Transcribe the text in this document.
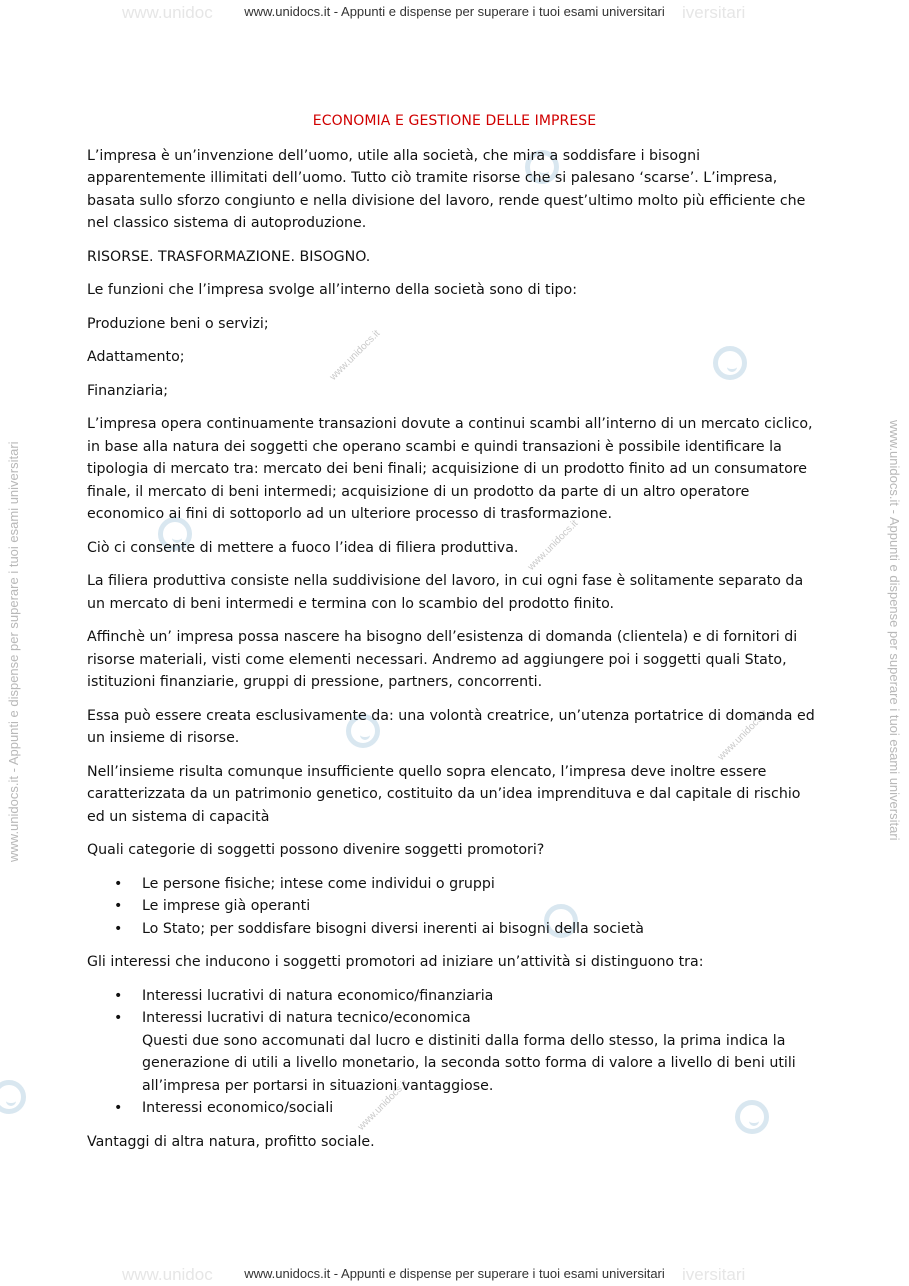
www.unidoc	iversitari
www.unidocs.it - Appunti e dispense per superare i tuoi esami universitari
www.unidoc	iversitari
www.unidocs.it - Appunti e dispense per superare i tuoi esami universitari
www.unidocs.it - Appunti e dispense per superare i tuoi esami universitari	www.unidocs.it - Appunti e dispense per superare i tuoi esami universitari
www.unidocs.it
www.unidocs.it
www.unidocs.it
www.unidocs.it
ECONOMIA E GESTIONE DELLE IMPRESE

L’impresa è un’invenzione dell’uomo, utile alla società, che mira a soddisfare i bisogni apparentemente illimitati dell’uomo. Tutto ciò tramite risorse che si palesano ‘scarse’. L’impresa, basata sullo sforzo congiunto e nella divisione del lavoro, rende quest’ultimo molto più efficiente che nel classico sistema di autoproduzione.

RISORSE. TRASFORMAZIONE. BISOGNO.

Le funzioni che l’impresa svolge all’interno della società sono di tipo:

Produzione beni o servizi;

Adattamento;

Finanziaria;

L’impresa opera continuamente transazioni dovute a continui scambi all’interno di un mercato ciclico, in base alla natura dei soggetti che operano scambi e quindi transazioni è possibile identificare la tipologia di mercato tra: mercato dei beni finali; acquisizione di un prodotto finito ad un consumatore finale, il mercato di beni intermedi; acquisizione di un prodotto da parte di un altro operatore economico ai fini di sottoporlo ad un ulteriore processo di trasformazione.

Ciò ci consente di mettere a fuoco l’idea di filiera produttiva.

La filiera produttiva consiste nella suddivisione del lavoro, in cui ogni fase è solitamente separato da un mercato di beni intermedi e termina con lo scambio del prodotto finito.

Affinchè un’ impresa possa nascere ha bisogno dell’esistenza di domanda (clientela) e di fornitori di risorse materiali, visti come elementi necessari. Andremo ad aggiungere poi i soggetti quali Stato, istituzioni finanziarie, gruppi di pressione, partners, concorrenti.

Essa può essere creata esclusivamente da: una volontà creatrice, un’utenza portatrice di domanda ed un insieme di risorse.

Nell’insieme risulta comunque insufficiente quello sopra elencato, l’impresa deve inoltre essere caratterizzata da un patrimonio genetico, costituito da un’idea imprendituva e dal capitale di rischio ed un sistema di capacità

Quali categorie di soggetti possono divenire soggetti promotori?

• Le persone fisiche; intese come individui o gruppi
• Le imprese già operanti
• Lo Stato; per soddisfare bisogni diversi inerenti ai bisogni della società

Gli interessi che inducono i soggetti promotori ad iniziare un’attività si distinguono tra:

• Interessi lucrativi di natura economico/finanziaria
• Interessi lucrativi di natura tecnico/economica
Questi due sono accomunati dal lucro e distiniti dalla forma dello stesso, la prima indica la generazione di utili a livello monetario, la seconda sotto forma di valore a livello di beni utili all’impresa per portarsi in situazioni vantaggiose.
• Interessi economico/sociali

Vantaggi di altra natura, profitto sociale.
